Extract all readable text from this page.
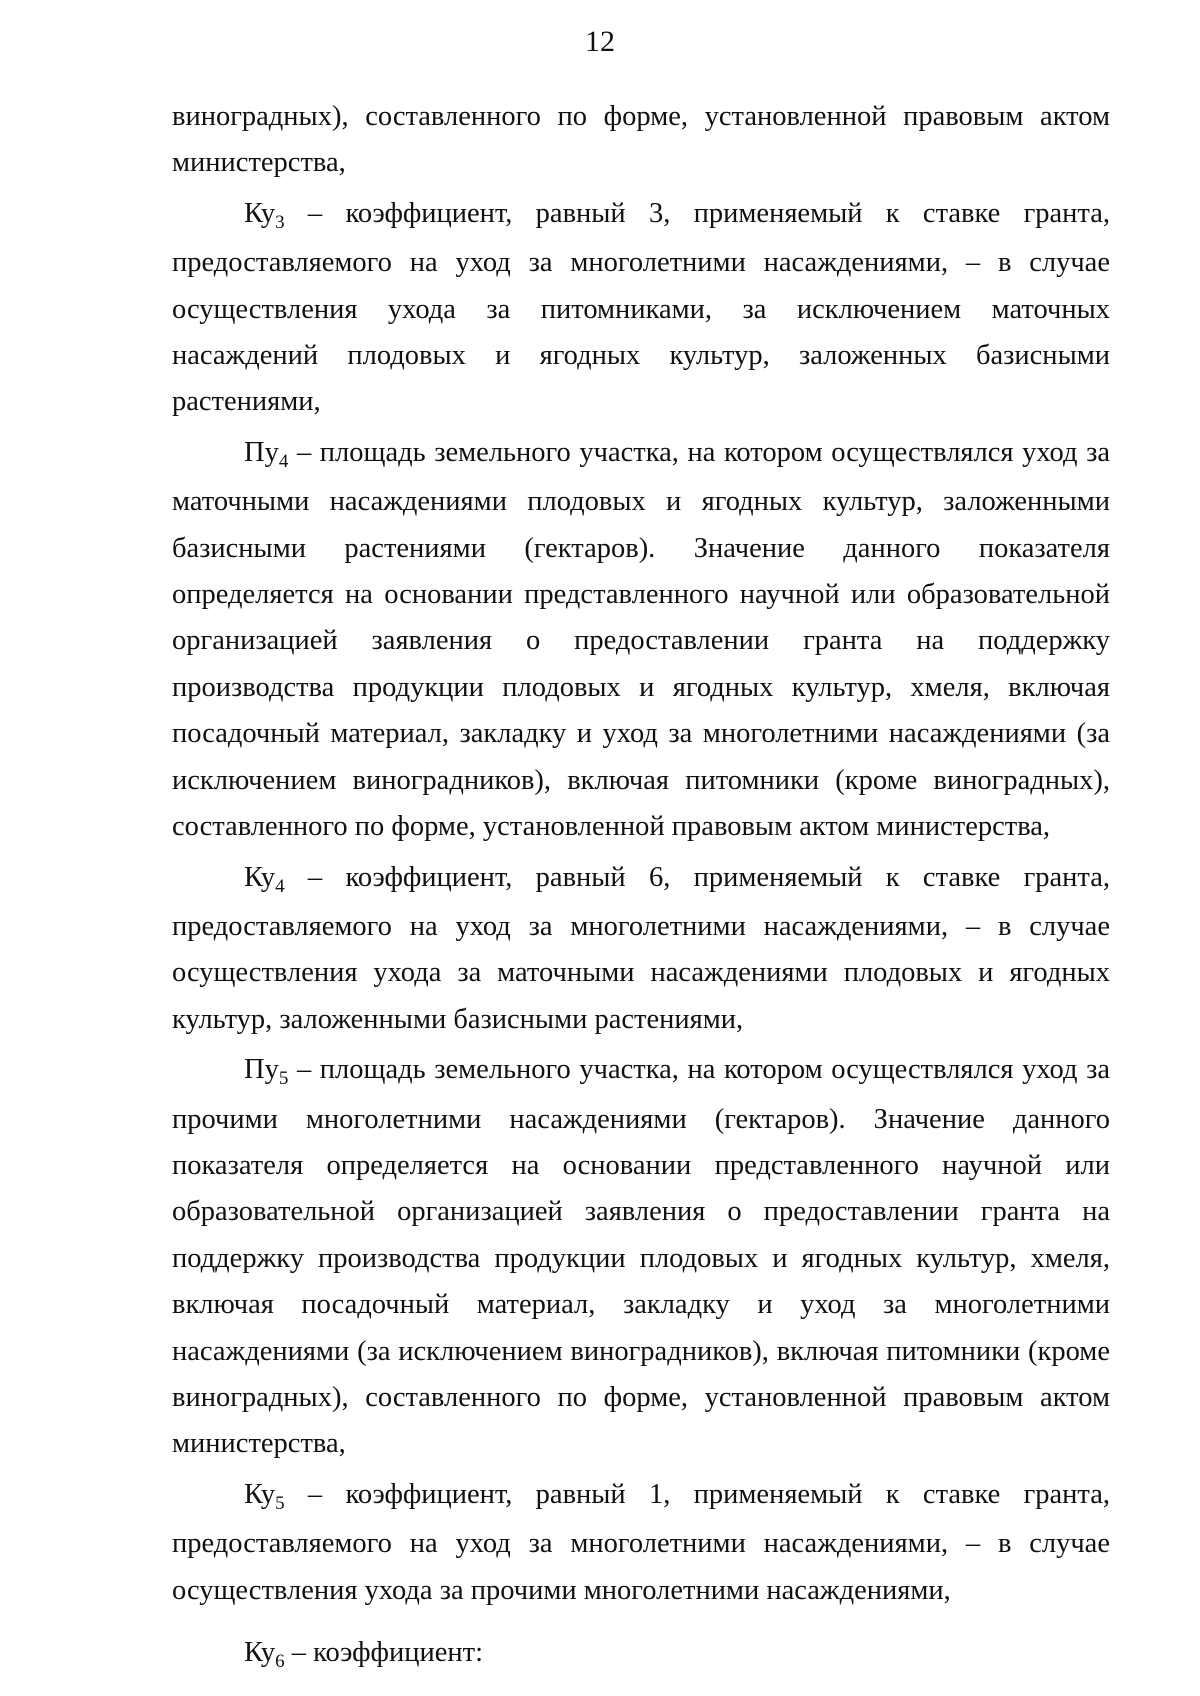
12

виноградных), составленного по форме, установленной правовым актом министерства,

$Ку_3$ – коэффициент, равный 3, применяемый к ставке гранта, предоставляемого на уход за многолетними насаждениями, – в случае осуществления ухода за питомниками, за исключением маточных насаждений плодовых и ягодных культур, заложенных базисными растениями,

$Пу_4$ – площадь земельного участка, на котором осуществлялся уход за маточными насаждениями плодовых и ягодных культур, заложенными базисными растениями (гектаров). Значение данного показателя определяется на основании представленного научной или образовательной организацией заявления о предоставлении гранта на поддержку производства продукции плодовых и ягодных культур, хмеля, включая посадочный материал, закладку и уход за многолетними насаждениями (за исключением виноградников), включая питомники (кроме виноградных), составленного по форме, установленной правовым актом министерства,

$Ку_4$ – коэффициент, равный 6, применяемый к ставке гранта, предоставляемого на уход за многолетними насаждениями, – в случае осуществления ухода за маточными насаждениями плодовых и ягодных культур, заложенными базисными растениями,

$Пу_5$ – площадь земельного участка, на котором осуществлялся уход за прочими многолетними насаждениями (гектаров). Значение данного показателя определяется на основании представленного научной или образовательной организацией заявления о предоставлении гранта на поддержку производства продукции плодовых и ягодных культур, хмеля, включая посадочный материал, закладку и уход за многолетними насаждениями (за исключением виноградников), включая питомники (кроме виноградных), составленного по форме, установленной правовым актом министерства,

$Ку_5$ – коэффициент, равный 1, применяемый к ставке гранта, предоставляемого на уход за многолетними насаждениями, – в случае осуществления ухода за прочими многолетними насаждениями,

$Ку_6$ – коэффициент:
